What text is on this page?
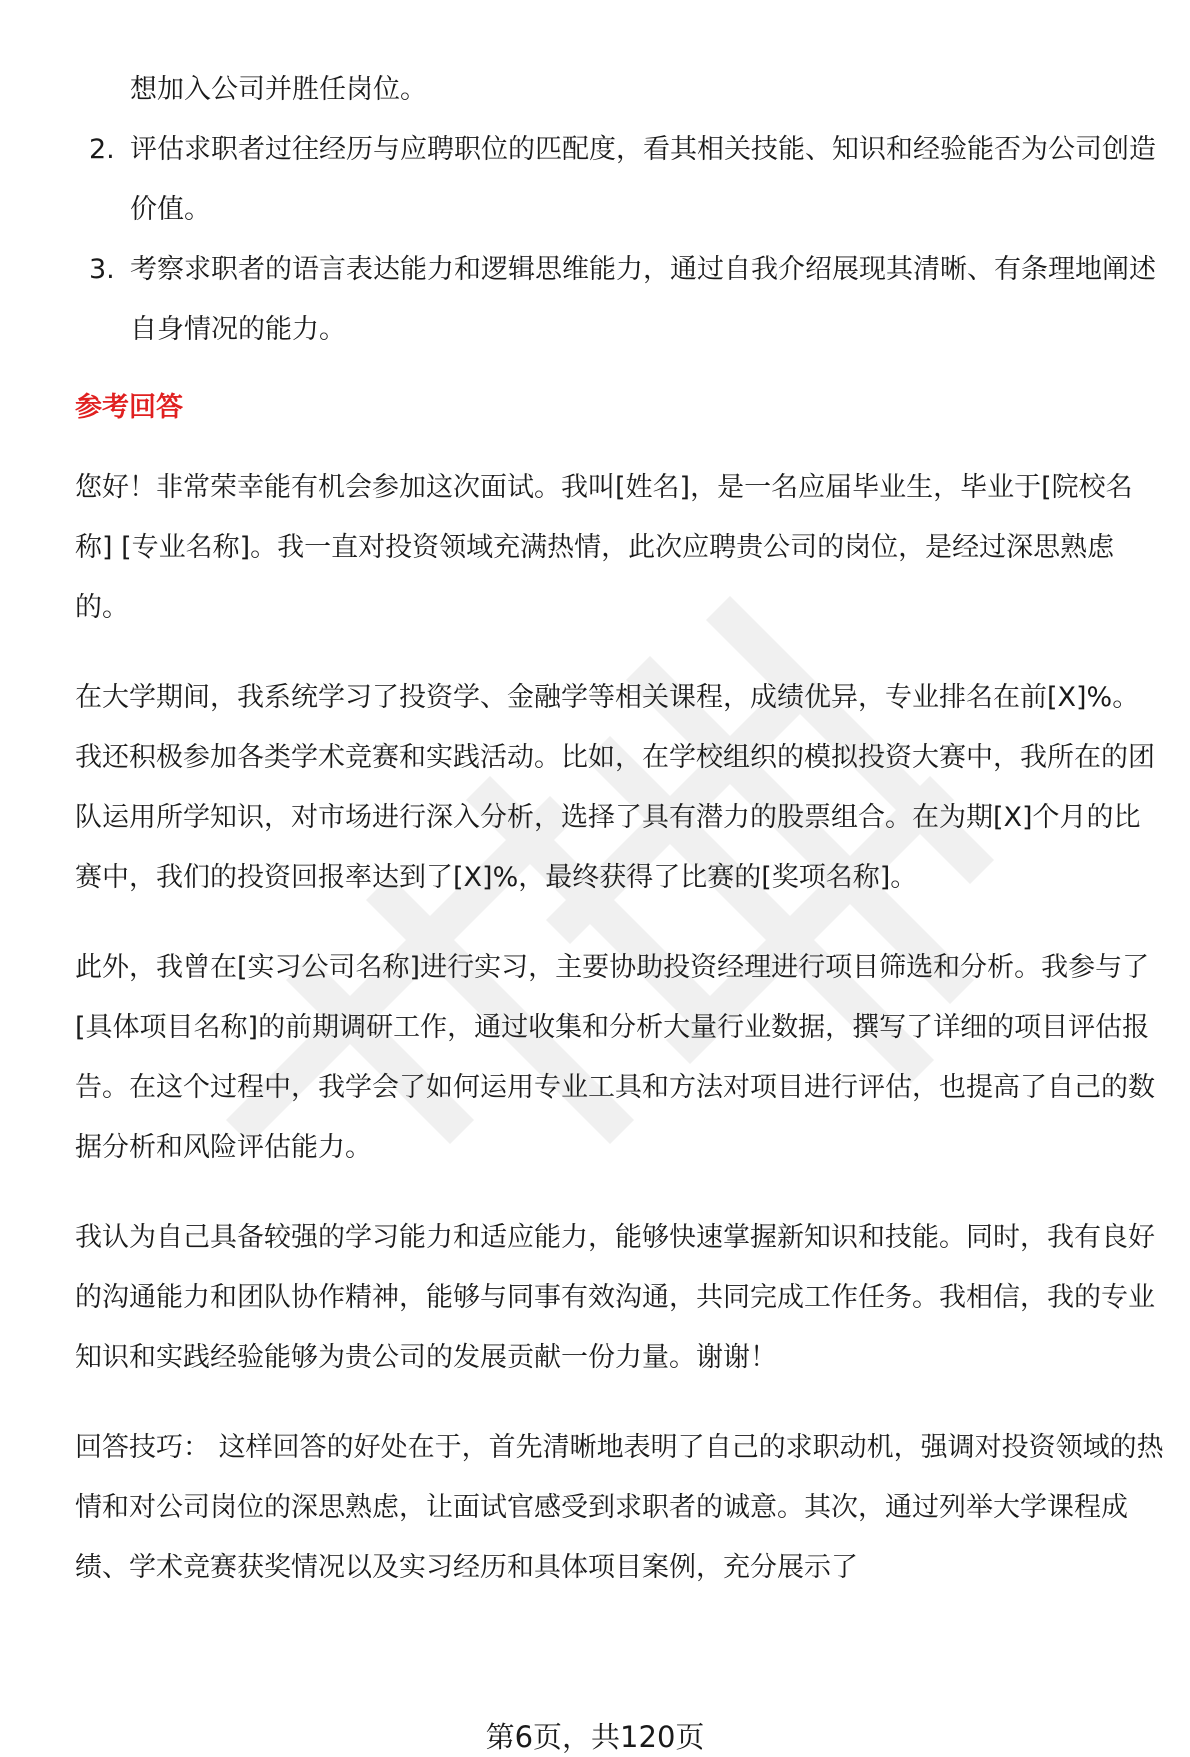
想加入公司并胜任岗位。
2. 评估求职者过往经历与应聘职位的匹配度，看其相关技能、知识和经验能否为公司创造价值。
3. 考察求职者的语言表达能力和逻辑思维能力，通过自我介绍展现其清晰、有条理地阐述自身情况的能力。
参考回答

您好！非常荣幸能有机会参加这次面试。我叫[姓名]，是一名应届毕业生，毕业于[院校名称] [专业名称]。我一直对投资领域充满热情，此次应聘贵公司的岗位，是经过深思熟虑的。

在大学期间，我系统学习了投资学、金融学等相关课程，成绩优异，专业排名在前[X]%。我还积极参加各类学术竞赛和实践活动。比如，在学校组织的模拟投资大赛中，我所在的团队运用所学知识，对市场进行深入分析，选择了具有潜力的股票组合。在为期[X]个月的比赛中，我们的投资回报率达到了[X]%，最终获得了比赛的[奖项名称]。

此外，我曾在[实习公司名称]进行实习，主要协助投资经理进行项目筛选和分析。我参与了[具体项目名称]的前期调研工作，通过收集和分析大量行业数据，撰写了详细的项目评估报告。在这个过程中，我学会了如何运用专业工具和方法对项目进行评估，也提高了自己的数据分析和风险评估能力。

我认为自己具备较强的学习能力和适应能力，能够快速掌握新知识和技能。同时，我有良好的沟通能力和团队协作精神，能够与同事有效沟通，共同完成工作任务。我相信，我的专业知识和实践经验能够为贵公司的发展贡献一份力量。谢谢！

回答技巧： 这样回答的好处在于，首先清晰地表明了自己的求职动机，强调对投资领域的热情和对公司岗位的深思熟虑，让面试官感受到求职者的诚意。其次，通过列举大学课程成绩、学术竞赛获奖情况以及实习经历和具体项目案例，充分展示了

第6页，共120页
